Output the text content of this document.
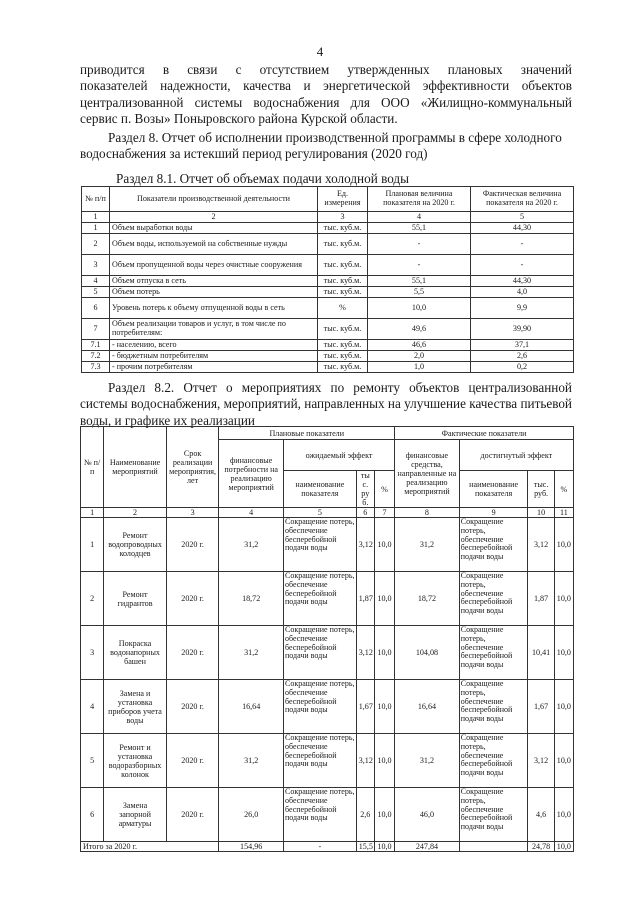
4
приводится в связи с отсутствием утвержденных плановых значений
показателей надежности, качества и энергетической эффективности объектов
централизованной системы водоснабжения для ООО «Жилищно-коммунальный
сервис п. Возы» Поныровского района Курской области.
Раздел 8. Отчет об исполнении производственной программы в сфере холодного
водоснабжения за истекший период регулирования (2020 год)
Раздел 8.1. Отчет об объемах подачи холодной воды
№ п/п	Показатели производственной деятельности	Ед. измерения	Плановая величина показателя на 2020 г.	Фактическая величина показателя на 2020 г.
1	2	3	4	5
1	Объем выработки воды	тыс. куб.м.	55,1	44,30
2	Объем воды, используемой на собственные нужды	тыс. куб.м.	-	-
3	Объем пропущенной воды через очистные сооружения	тыс. куб.м.	-	-
4	Объем отпуска в сеть	тыс. куб.м.	55,1	44,30
5	Объем потерь	тыс. куб.м.	5,5	4,0
6	Уровень потерь к объему отпущенной воды в сеть	%	10,0	9,9
7	Объем реализации товаров и услуг, в том числе по потребителям:	тыс. куб.м.	49,6	39,90
7.1	- населению, всего	тыс. куб.м.	46,6	37,1
7.2	- бюджетным потребителям	тыс. куб.м.	2,0	2,6
7.3	- прочим потребителям	тыс. куб.м.	1,0	0,2
Раздел 8.2. Отчет о мероприятиях по ремонту объектов централизованной
системы водоснабжения, мероприятий, направленных на улучшение качества питьевой
воды, и графике их реализации
№ п/п	Наименование мероприятий	Срок реализации мероприятия, лет	Плановые показатели				Фактические показатели			
			финансовые потребности на реализацию мероприятий	ожидаемый эффект			финансовые средства, направленные на реализацию мероприятий	достигнутый эффект		
				наименование показателя	ты с. ру б.	%		наименование показателя	тыс. руб.	%
1	2	3	4	5	6	7	8	9	10	11
1	Ремонт водопроводных колодцев	2020 г.	31,2	Сокращение потерь, обеспечение бесперебойной подачи воды	3,12	10,0	31,2	Сокращение потерь, обеспечение бесперебойной подачи воды	3,12	10,0
2	Ремонт гидрантов	2020 г.	18,72	Сокращение потерь, обеспечение бесперебойной подачи воды	1,87	10,0	18,72	Сокращение потерь, обеспечение бесперебойной подачи воды	1,87	10,0
3	Покраска водонапорных башен	2020 г.	31,2	Сокращение потерь, обеспечение бесперебойной подачи воды	3,12	10,0	104,08	Сокращение потерь, обеспечение бесперебойной подачи воды	10,41	10,0
4	Замена и установка приборов учета воды	2020 г.	16,64	Сокращение потерь, обеспечение бесперебойной подачи воды	1,67	10,0	16,64	Сокращение потерь, обеспечение бесперебойной подачи воды	1,67	10,0
5	Ремонт и установка водоразборных колонок	2020 г.	31,2	Сокращение потерь, обеспечение бесперебойной подачи воды	3,12	10,0	31,2	Сокращение потерь, обеспечение бесперебойной подачи воды	3,12	10,0
6	Замена запорной арматуры	2020 г.	26,0	Сокращение потерь, обеспечение бесперебойной подачи воды	2,6	10,0	46,0	Сокращение потерь, обеспечение бесперебойной подачи воды	4,6	10,0
Итого за 2020 г.			154,96	-	15,5	10,0	247,84		24,78	10,0
